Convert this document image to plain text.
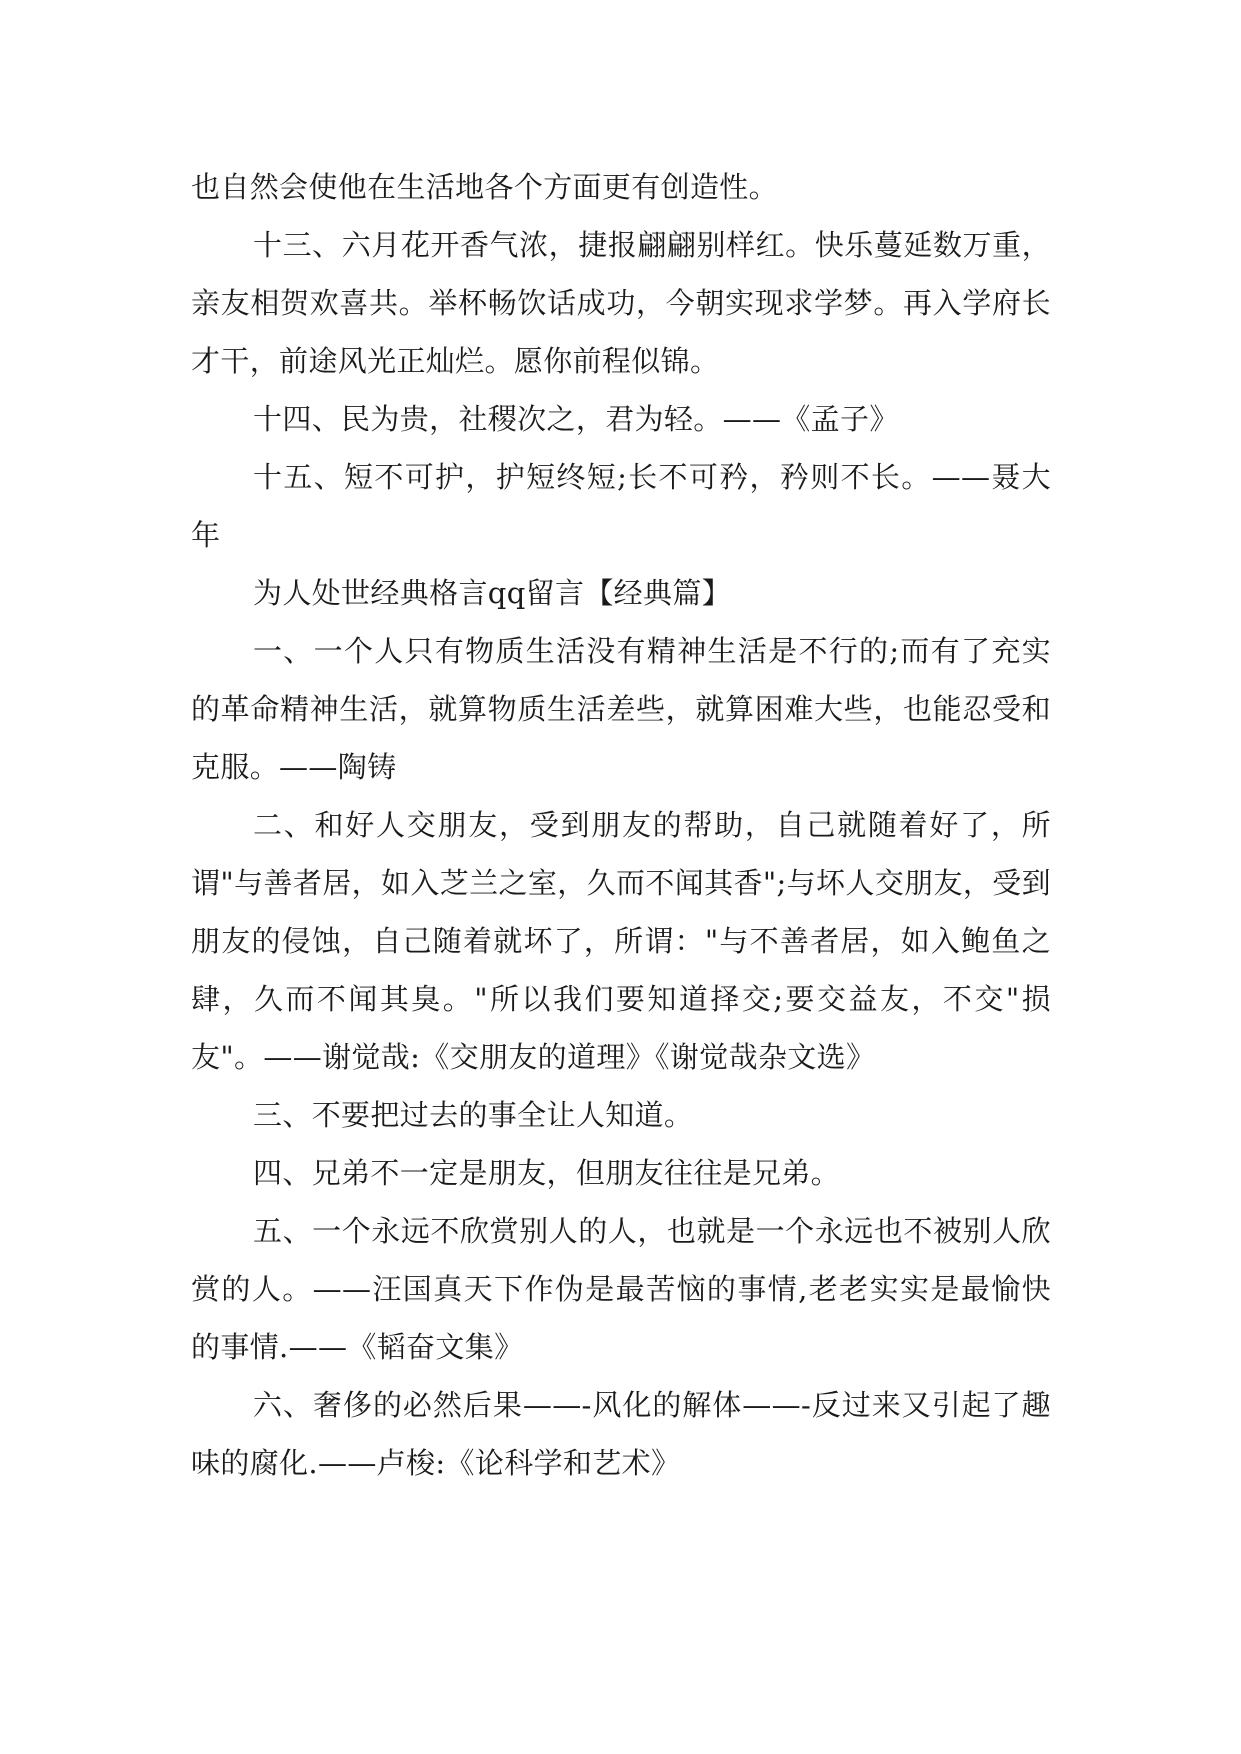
也自然会使他在生活地各个方面更有创造性。

十三、六月花开香气浓，捷报翩翩别样红。快乐蔓延数万重，亲友相贺欢喜共。举杯畅饮话成功，今朝实现求学梦。再入学府长才干，前途风光正灿烂。愿你前程似锦。

十四、民为贵，社稷次之，君为轻。——《孟子》

十五、短不可护，护短终短;长不可矜，矜则不长。——聂大年

为人处世经典格言qq留言【经典篇】

一、一个人只有物质生活没有精神生活是不行的;而有了充实的革命精神生活，就算物质生活差些，就算困难大些，也能忍受和克服。——陶铸

二、和好人交朋友，受到朋友的帮助，自己就随着好了，所谓"与善者居，如入芝兰之室，久而不闻其香";与坏人交朋友，受到朋友的侵蚀，自己随着就坏了，所谓："与不善者居，如入鲍鱼之肆，久而不闻其臭。"所以我们要知道择交;要交益友，不交"损友"。——谢觉哉:《交朋友的道理》《谢觉哉杂文选》

三、不要把过去的事全让人知道。

四、兄弟不一定是朋友，但朋友往往是兄弟。

五、一个永远不欣赏别人的人，也就是一个永远也不被别人欣赏的人。——汪国真天下作伪是最苦恼的事情,老老实实是最愉快的事情.——《韬奋文集》

六、奢侈的必然后果——-风化的解体——-反过来又引起了趣味的腐化.——卢梭:《论科学和艺术》
